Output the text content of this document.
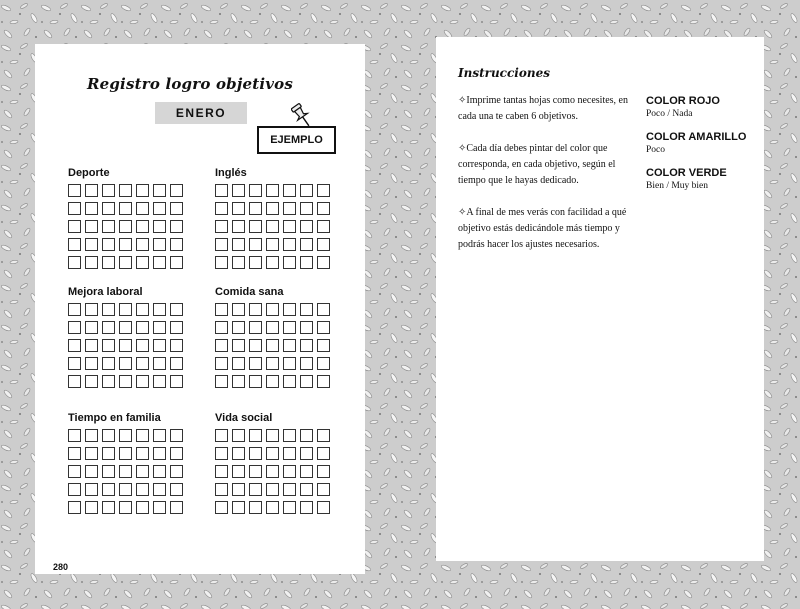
Registro logro objetivos
ENERO
EJEMPLO
Deporte	Inglés
Mejora laboral	Comida sana
Tiempo en familia	Vida social
280
Instrucciones
✧Imprime tantas hojas como necesites, en cada una te caben 6 objetivos.
✧Cada día debes pintar del color que corresponda, en cada objetivo, según el tiempo que le hayas dedicado.
✧A final de mes verás con facilidad a qué objetivo estás dedicándole más tiempo y podrás hacer los ajustes necesarios.
COLOR ROJO
Poco / Nada
COLOR AMARILLO
Poco
COLOR VERDE
Bien / Muy bien
